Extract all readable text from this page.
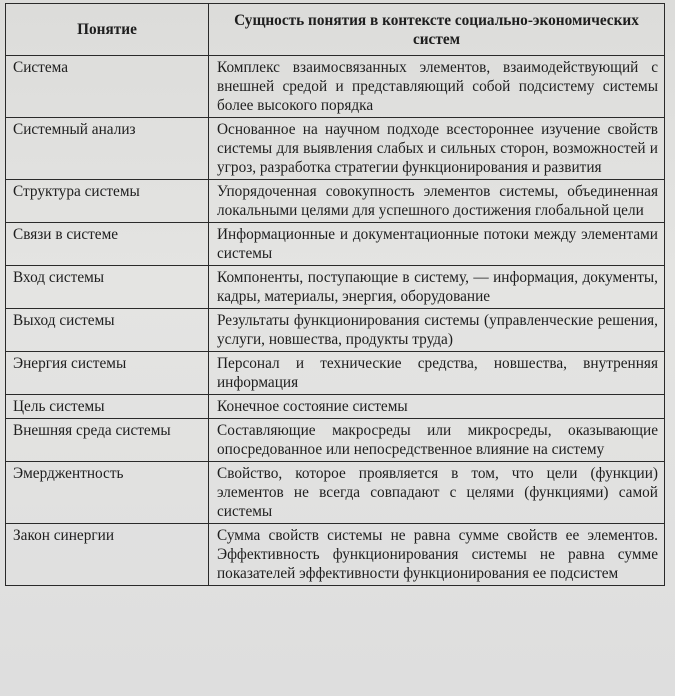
Понятие	Сущность понятия в контексте социально-экономических систем
Система	Комплекс взаимосвязанных элементов, взаимодействующий с внешней средой и представляющий собой подсистему системы более высокого порядка
Системный анализ	Основанное на научном подходе всестороннее изучение свойств системы для выявления слабых и сильных сторон, возможностей и угроз, разработка стратегии функционирования и развития
Структура системы	Упорядоченная совокупность элементов системы, объединенная локальными целями для успешного достижения глобальной цели
Связи в системе	Информационные и документационные потоки между элементами системы
Вход системы	Компоненты, поступающие в систему, — информация, документы, кадры, материалы, энергия, оборудование
Выход системы	Результаты функционирования системы (управленческие решения, услуги, новшества, продукты труда)
Энергия системы	Персонал и технические средства, новшества, внутренняя информация
Цель системы	Конечное состояние системы
Внешняя среда системы	Составляющие макросреды или микросреды, оказывающие опосредованное или непосредственное влияние на систему
Эмерджентность	Свойство, которое проявляется в том, что цели (функции) элементов не всегда совпадают с целями (функциями) самой системы
Закон синергии	Сумма свойств системы не равна сумме свойств ее элементов. Эффективность функционирования системы не равна сумме показателей эффективности функционирования ее подсистем
